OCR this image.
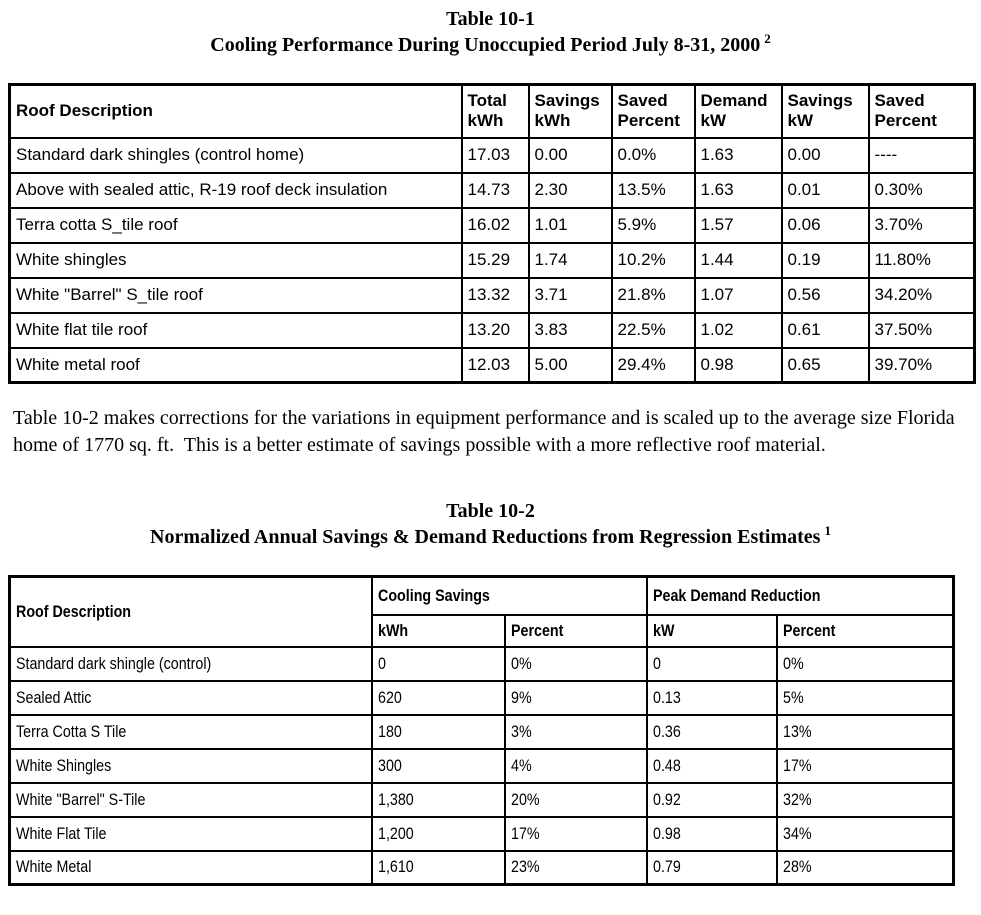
Table 10-1
Cooling Performance During Unoccupied Period July 8-31, 2000 $^2$
Roof Description	Total kWh	Savings kWh	Saved Percent	Demand kW	Savings kW	Saved Percent
Standard dark shingles (control home)	17.03	0.00	0.0%	1.63	0.00	----
Above with sealed attic, R-19 roof deck insulation	14.73	2.30	13.5%	1.63	0.01	0.30%
Terra cotta S_tile roof	16.02	1.01	5.9%	1.57	0.06	3.70%
White shingles	15.29	1.74	10.2%	1.44	0.19	11.80%
White "Barrel" S_tile roof	13.32	3.71	21.8%	1.07	0.56	34.20%
White flat tile roof	13.20	3.83	22.5%	1.02	0.61	37.50%
White metal roof	12.03	5.00	29.4%	0.98	0.65	39.70%

Table 10-2 makes corrections for the variations in equipment performance and is scaled up to the average size Florida home of 1770 sq. ft.  This is a better estimate of savings possible with a more reflective roof material.

Table 10-2
Normalized Annual Savings & Demand Reductions from Regression Estimates $^1$
Roof Description	Cooling Savings		Peak Demand Reduction	
	kWh	Percent	kW	Percent
Standard dark shingle (control)	0	0%	0	0%
Sealed Attic	620	9%	0.13	5%
Terra Cotta S Tile	180	3%	0.36	13%
White Shingles	300	4%	0.48	17%
White "Barrel" S-Tile	1,380	20%	0.92	32%
White Flat Tile	1,200	17%	0.98	34%
White Metal	1,610	23%	0.79	28%
